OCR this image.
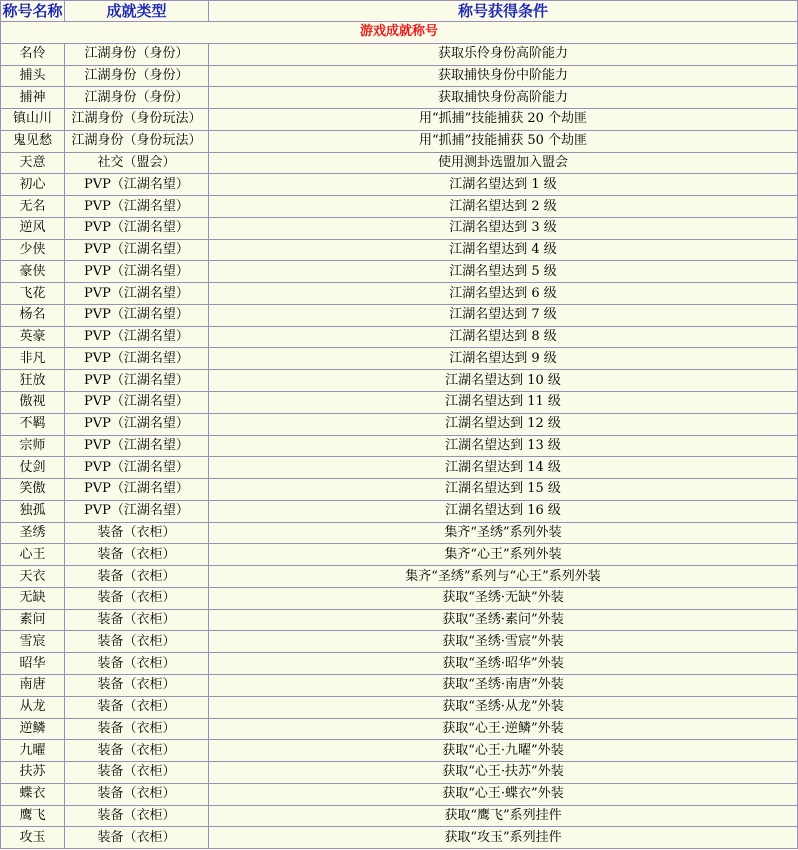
称号名称	成就类型	称号获得条件
游戏成就称号		
名伶	江湖身份（身份）	获取乐伶身份高阶能力
捕头	江湖身份（身份）	获取捕快身份中阶能力
捕神	江湖身份（身份）	获取捕快身份高阶能力
镇山川	江湖身份（身份玩法）	用“抓捕”技能捕获 20 个劫匪
鬼见愁	江湖身份（身份玩法）	用“抓捕”技能捕获 50 个劫匪
天意	社交（盟会）	使用测卦选盟加入盟会
初心	PVP（江湖名望）	江湖名望达到 1 级
无名	PVP（江湖名望）	江湖名望达到 2 级
逆风	PVP（江湖名望）	江湖名望达到 3 级
少侠	PVP（江湖名望）	江湖名望达到 4 级
豪侠	PVP（江湖名望）	江湖名望达到 5 级
飞花	PVP（江湖名望）	江湖名望达到 6 级
杨名	PVP（江湖名望）	江湖名望达到 7 级
英豪	PVP（江湖名望）	江湖名望达到 8 级
非凡	PVP（江湖名望）	江湖名望达到 9 级
狂放	PVP（江湖名望）	江湖名望达到 10 级
傲视	PVP（江湖名望）	江湖名望达到 11 级
不羁	PVP（江湖名望）	江湖名望达到 12 级
宗师	PVP（江湖名望）	江湖名望达到 13 级
仗剑	PVP（江湖名望）	江湖名望达到 14 级
笑傲	PVP（江湖名望）	江湖名望达到 15 级
独孤	PVP（江湖名望）	江湖名望达到 16 级
圣绣	装备（衣柜）	集齐“圣绣”系列外装
心王	装备（衣柜）	集齐“心王”系列外装
天衣	装备（衣柜）	集齐“圣绣”系列与“心王”系列外装
无缺	装备（衣柜）	获取“圣绣·无缺”外装
素问	装备（衣柜）	获取“圣绣·素问”外装
雪宸	装备（衣柜）	获取“圣绣·雪宸”外装
昭华	装备（衣柜）	获取“圣绣·昭华”外装
南唐	装备（衣柜）	获取“圣绣·南唐”外装
从龙	装备（衣柜）	获取“圣绣·从龙”外装
逆鳞	装备（衣柜）	获取“心王·逆鳞”外装
九曜	装备（衣柜）	获取“心王·九曜”外装
扶苏	装备（衣柜）	获取“心王·扶苏”外装
蝶衣	装备（衣柜）	获取“心王·蝶衣”外装
鹰飞	装备（衣柜）	获取“鹰飞”系列挂件
攻玉	装备（衣柜）	获取“攻玉”系列挂件
